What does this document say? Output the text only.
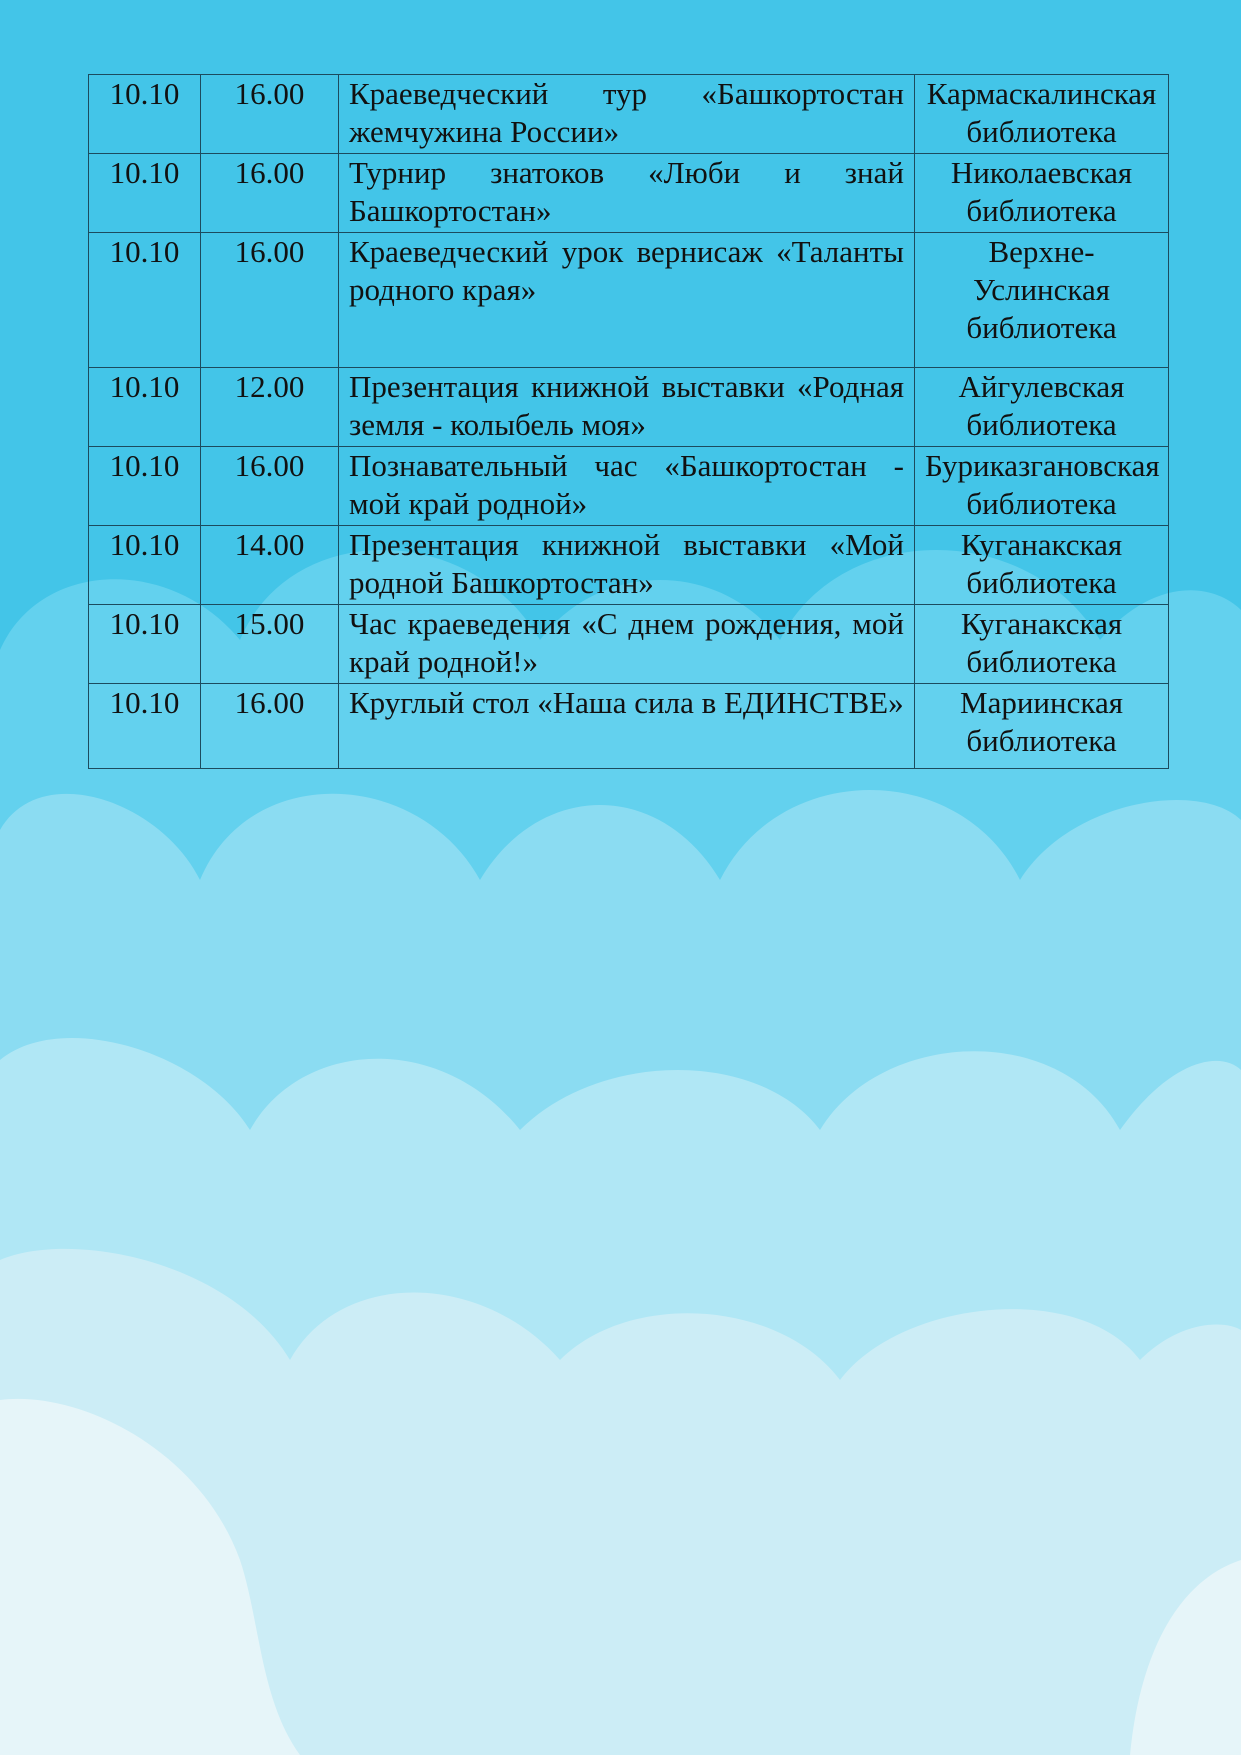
10.10	16.00	Краеведческий тур «Башкортостан жемчужина России»	Кармаскалинская библиотека
10.10	16.00	Турнир знатоков «Люби и знай Башкортостан»	Николаевская библиотека
10.10	16.00	Краеведческий урок вернисаж «Таланты родного края»	Верхне-Услинская библиотека
10.10	12.00	Презентация книжной выставки «Родная земля - колыбель моя»	Айгулевская библиотека
10.10	16.00	Познавательный час «Башкортостан - мой край родной»	Буриказгановская библиотека
10.10	14.00	Презентация книжной выставки «Мой родной Башкортостан»	Куганакская библиотека
10.10	15.00	Час краеведения «С днем рождения, мой край родной!»	Куганакская библиотека
10.10	16.00	Круглый стол «Наша сила в ЕДИНСТВЕ»	Мариинская библиотека
